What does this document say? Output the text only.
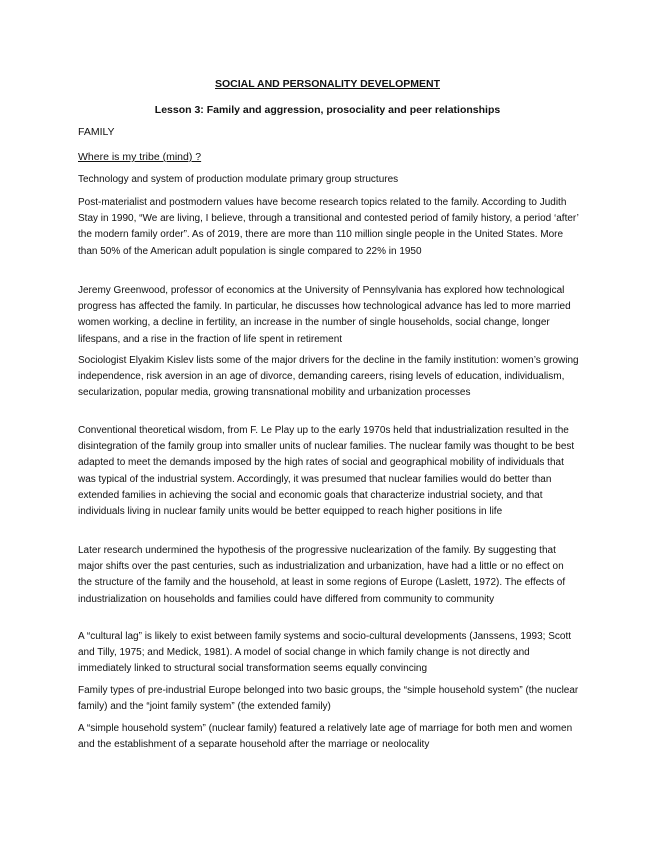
SOCIAL AND PERSONALITY DEVELOPMENT
Lesson 3: Family and aggression, prosociality and peer relationships
FAMILY
Where is my tribe (mind) ?

Technology and system of production modulate primary group structures

Post-materialist and postmodern values have become research topics related to the family. According to Judith Stay in 1990, “We are living, I believe, through a transitional and contested period of family history, a period ‘after’ the modern family order”. As of 2019, there are more than 110 million single people in the United States. More than 50% of the American adult population is single compared to 22% in 1950

Jeremy Greenwood, professor of economics at the University of Pennsylvania has explored how technological progress has affected the family. In particular, he discusses how technological advance has led to more married women working, a decline in fertility, an increase in the number of single households, social change, longer lifespans, and a rise in the fraction of life spent in retirement

Sociologist Elyakim Kislev lists some of the major drivers for the decline in the family institution: women’s growing independence, risk aversion in an age of divorce, demanding careers, rising levels of education, individualism, secularization, popular media, growing transnational mobility and urbanization processes

Conventional theoretical wisdom, from F. Le Play up to the early 1970s held that industrialization resulted in the disintegration of the family group into smaller units of nuclear families. The nuclear family was thought to be best adapted to meet the demands imposed by the high rates of social and geographical mobility of individuals that was typical of the industrial system. Accordingly, it was presumed that nuclear families would do better than extended families in achieving the social and economic goals that characterize industrial society, and that individuals living in nuclear family units would be better equipped to reach higher positions in life

Later research undermined the hypothesis of the progressive nuclearization of the family. By suggesting that major shifts over the past centuries, such as industrialization and urbanization, have had a little or no effect on the structure of the family and the household, at least in some regions of Europe (Laslett, 1972). The effects of industrialization on households and families could have differed from community to community

A “cultural lag” is likely to exist between family systems and socio-cultural developments (Janssens, 1993; Scott and Tilly, 1975; and Medick, 1981). A model of social change in which family change is not directly and immediately linked to structural social transformation seems equally convincing

Family types of pre-industrial Europe belonged into two basic groups, the “simple household system” (the nuclear family) and the “joint family system” (the extended family)

A “simple household system” (nuclear family) featured a relatively late age of marriage for both men and women and the establishment of a separate household after the marriage or neolocality
